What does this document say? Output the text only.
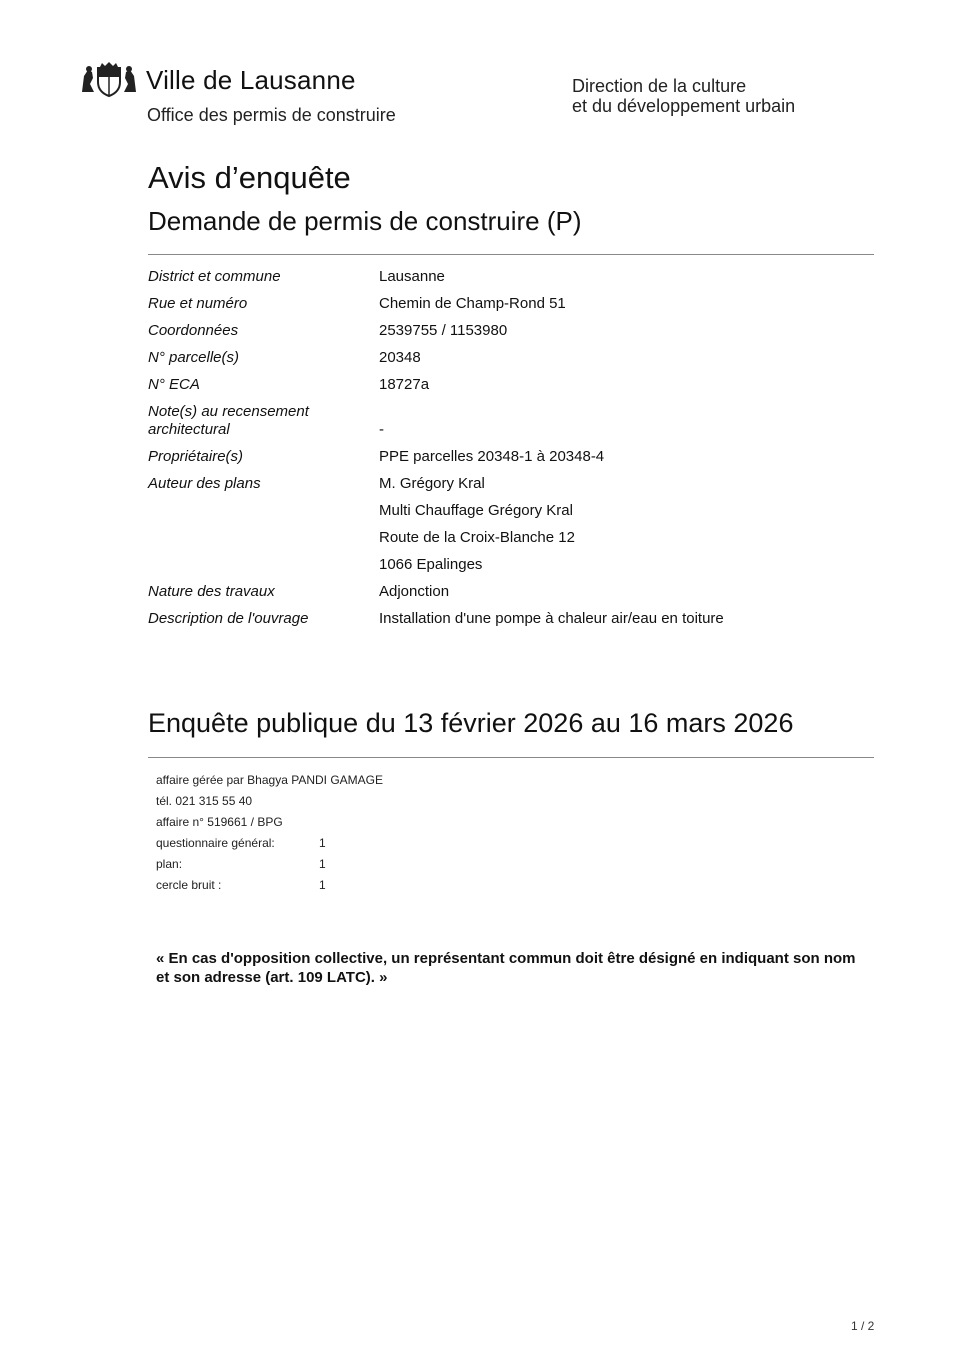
Ville de Lausanne
Office des permis de construire
Direction de la culture
et du développement urbain
Avis d’enquête
Demande de permis de construire (P)
District et commune	Lausanne
Rue et numéro	Chemin de Champ-Rond 51
Coordonnées	2539755 / 1153980
N° parcelle(s)	20348
N° ECA	18727a
Note(s) au recensement architectural	-
Propriétaire(s)	PPE parcelles 20348-1 à 20348-4
Auteur des plans	M. Grégory Kral
Multi Chauffage Grégory Kral
Route de la Croix-Blanche 12
1066 Epalinges
Nature des travaux	Adjonction
Description de l'ouvrage	Installation d'une pompe à chaleur air/eau en toiture
Enquête publique du 13 février 2026 au 16 mars 2026
affaire gérée par Bhagya PANDI GAMAGE
tél. 021 315 55 40
affaire n° 519661 / BPG
questionnaire général:	1
plan:	1
cercle bruit :	1
« En cas d'opposition collective, un représentant commun doit être désigné en indiquant son nom et son adresse (art. 109 LATC). »
1 / 2
